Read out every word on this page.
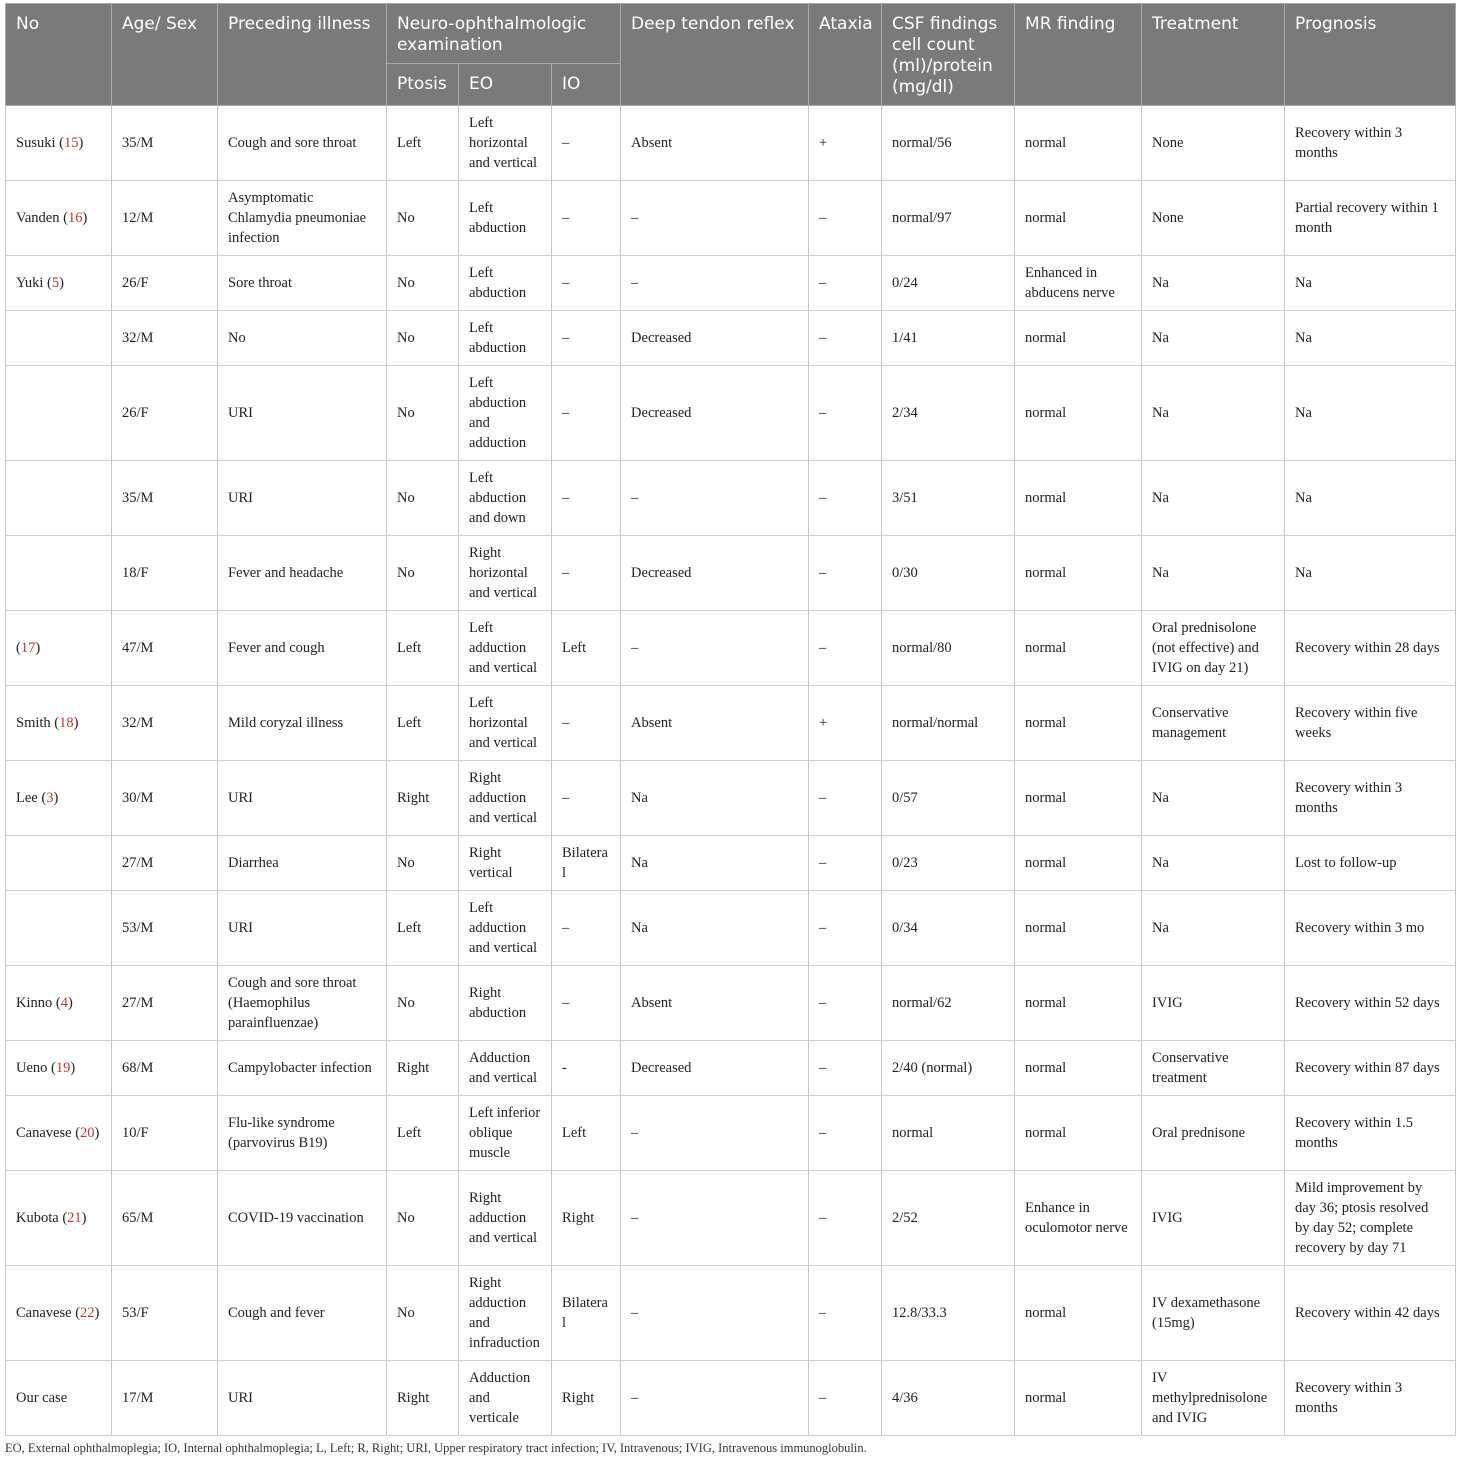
No	Age/ Sex	Preceding illness	Neuro-ophthalmologic examination			Deep tendon reflex	Ataxia	CSF findings cell count (ml)/protein (mg/dl)	MR finding	Treatment	Prognosis
			Ptosis	EO	IO						
Susuki (15)	35/M	Cough and sore throat	Left	Left horizontal and vertical	–	Absent	+	normal/56	normal	None	Recovery within 3 months
Vanden (16)	12/M	Asymptomatic Chlamydia pneumoniae infection	No	Left abduction	–	–	–	normal/97	normal	None	Partial recovery within 1 month
Yuki (5)	26/F	Sore throat	No	Left abduction	–	–	–	0/24	Enhanced in abducens nerve	Na	Na
	32/M	No	No	Left abduction	–	Decreased	–	1/41	normal	Na	Na
	26/F	URI	No	Left abduction and adduction	–	Decreased	–	2/34	normal	Na	Na
	35/M	URI	No	Left abduction and down	–	–	–	3/51	normal	Na	Na
	18/F	Fever and headache	No	Right horizontal and vertical	–	Decreased	–	0/30	normal	Na	Na
(17)	47/M	Fever and cough	Left	Left adduction and vertical	Left	–	–	normal/80	normal	Oral prednisolone (not effective) and IVIG on day 21)	Recovery within 28 days
Smith (18)	32/M	Mild coryzal illness	Left	Left horizontal and vertical	–	Absent	+	normal/normal	normal	Conservative management	Recovery within five weeks
Lee (3)	30/M	URI	Right	Right adduction and vertical	–	Na	–	0/57	normal	Na	Recovery within 3 months
	27/M	Diarrhea	No	Right vertical	Bilateral	Na	–	0/23	normal	Na	Lost to follow-up
	53/M	URI	Left	Left adduction and vertical	–	Na	–	0/34	normal	Na	Recovery within 3 mo
Kinno (4)	27/M	Cough and sore throat (Haemophilus parainfluenzae)	No	Right abduction	–	Absent	–	normal/62	normal	IVIG	Recovery within 52 days
Ueno (19)	68/M	Campylobacter infection	Right	Adduction and vertical	-	Decreased	–	2/40 (normal)	normal	Conservative treatment	Recovery within 87 days
Canavese (20)	10/F	Flu-like syndrome (parvovirus B19)	Left	Left inferior oblique muscle	Left	–	–	normal	normal	Oral prednisone	Recovery within 1.5 months
Kubota (21)	65/M	COVID-19 vaccination	No	Right adduction and vertical	Right	–	–	2/52	Enhance in oculomotor nerve	IVIG	Mild improvement by day 36; ptosis resolved by day 52; complete recovery by day 71
Canavese (22)	53/F	Cough and fever	No	Right adduction and infraduction	Bilateral	–	–	12.8/33.3	normal	IV dexamethasone (15mg)	Recovery within 42 days
Our case	17/M	URI	Right	Adduction and verticale	Right	–	–	4/36	normal	IV methylprednisolone and IVIG	Recovery within 3 months
EO, External ophthalmoplegia; IO, Internal ophthalmoplegia; L, Left; R, Right; URI, Upper respiratory tract infection; IV, Intravenous; IVIG, Intravenous immunoglobulin.
